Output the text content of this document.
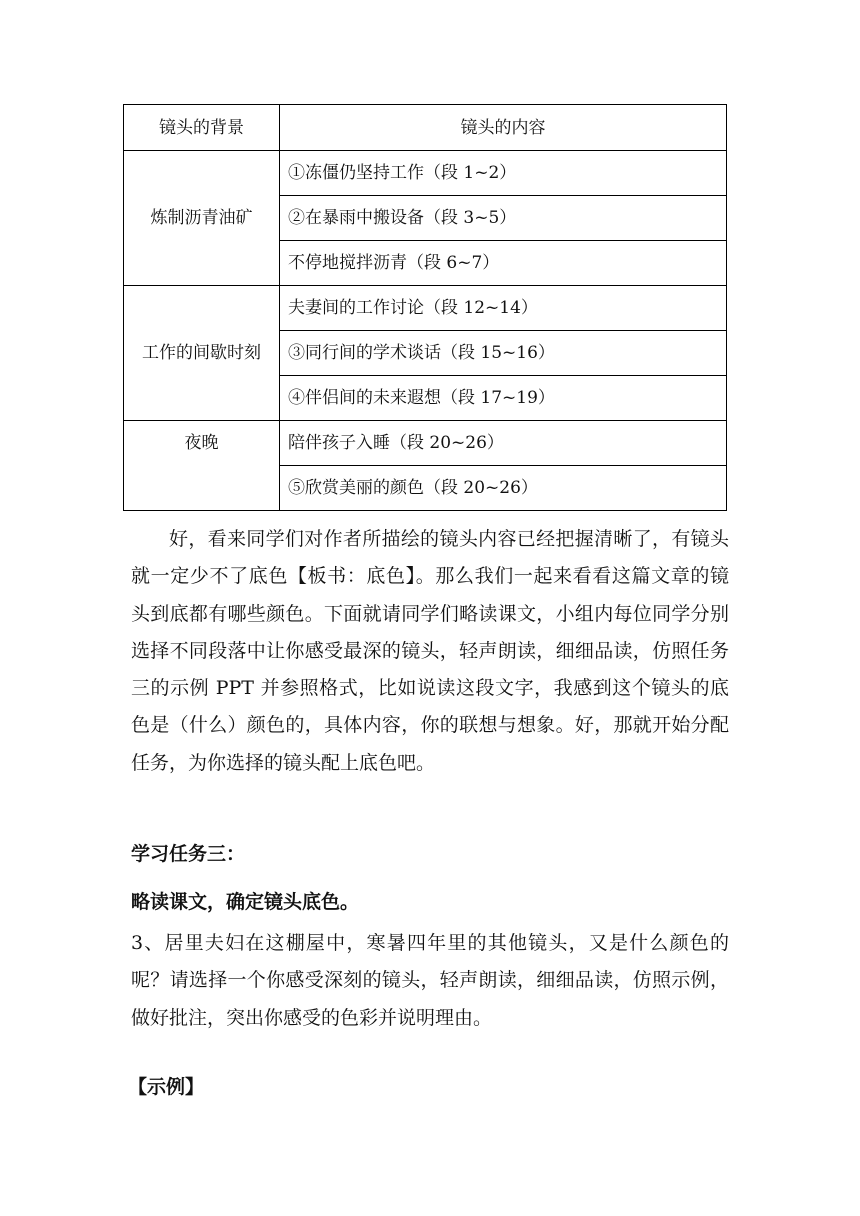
镜头的背景	镜头的内容
炼制沥青油矿	①冻僵仍坚持工作（段 1~2）
	②在暴雨中搬设备（段 3~5）
	不停地搅拌沥青（段 6~7）
工作的间歇时刻	夫妻间的工作讨论（段 12~14）
	③同行间的学术谈话（段 15~16）
	④伴侣间的未来遐想（段 17~19）
夜晚	陪伴孩子入睡（段 20~26）
	⑤欣赏美丽的颜色（段 20~26）

好，看来同学们对作者所描绘的镜头内容已经把握清晰了，有镜头就一定少不了底色【板书：底色】。那么我们一起来看看这篇文章的镜头到底都有哪些颜色。下面就请同学们略读课文，小组内每位同学分别选择不同段落中让你感受最深的镜头，轻声朗读，细细品读，仿照任务三的示例 PPT 并参照格式，比如说读这段文字，我感到这个镜头的底色是（什么）颜色的，具体内容，你的联想与想象。好，那就开始分配任务，为你选择的镜头配上底色吧。

学习任务三：

略读课文，确定镜头底色。

3、居里夫妇在这棚屋中，寒暑四年里的其他镜头，又是什么颜色的呢？请选择一个你感受深刻的镜头，轻声朗读，细细品读，仿照示例，做好批注，突出你感受的色彩并说明理由。

【示例】
